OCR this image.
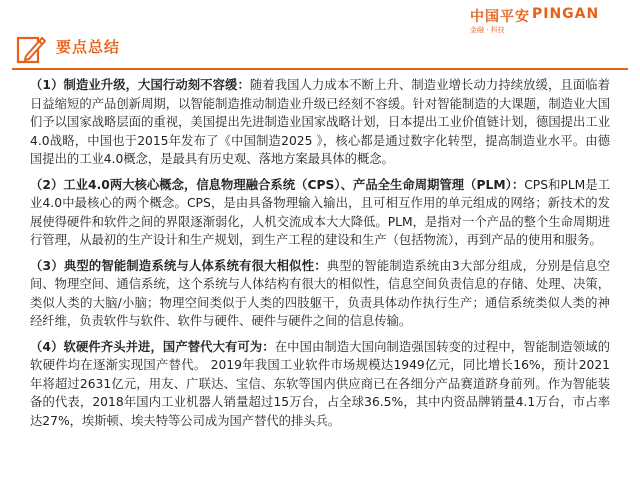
要点总结
中国平安 PINGAN
金融 · 科技

（1）制造业升级，大国行动刻不容缓：随着我国人力成本不断上升、制造业增长动力持续放缓，且面临着日益缩短的产品创新周期，以智能制造推动制造业升级已经刻不容缓。针对智能制造的大课题，制造业大国们予以国家战略层面的重视，美国提出先进制造业国家战略计划，日本提出工业价值链计划，德国提出工业4.0战略，中国也于2015年发布了《中国制造2025 》，核心都是通过数字化转型，提高制造业水平。由德国提出的工业4.0概念，是最具有历史观、落地方案最具体的概念。

（2）工业4.0两大核心概念，信息物理融合系统（CPS）、产品全生命周期管理（PLM）：CPS和PLM是工业4.0中最核心的两个概念。CPS，是由具备物理输入输出，且可相互作用的单元组成的网络；新技术的发展使得硬件和软件之间的界限逐渐弱化，人机交流成本大大降低。PLM，是指对一个产品的整个生命周期进行管理，从最初的生产设计和生产规划，到生产工程的建设和生产（包括物流），再到产品的使用和服务。

（3）典型的智能制造系统与人体系统有很大相似性：典型的智能制造系统由3大部分组成，分别是信息空间、物理空间、通信系统，这个系统与人体结构有很大的相似性，信息空间负责信息的存储、处理、决策，类似人类的大脑/小脑；物理空间类似于人类的四肢躯干，负责具体动作执行生产；通信系统类似人类的神经纤维，负责软件与软件、软件与硬件、硬件与硬件之间的信息传输。

（4）软硬件齐头并进，国产替代大有可为：在中国由制造大国向制造强国转变的过程中，智能制造领域的软硬件均在逐渐实现国产替代。 2019年我国工业软件市场规模达1949亿元，同比增长16%，预计2021年将超过2631亿元，用友、广联达、宝信、东软等国内供应商已在各细分产品赛道跻身前列。作为智能装备的代表，2018年国内工业机器人销量超过15万台，占全球36.5%，其中内资品牌销量4.1万台，市占率达27%，埃斯顿、埃夫特等公司成为国产替代的排头兵。
